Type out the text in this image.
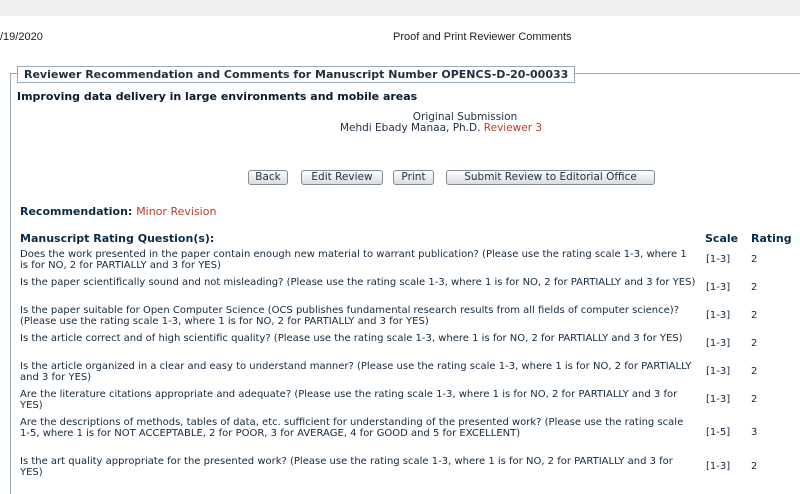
/19/2020	Proof and Print Reviewer Comments
Reviewer Recommendation and Comments for Manuscript Number OPENCS-D-20-00033
Improving data delivery in large environments and mobile areas
Original Submission
Mehdi Ebady Manaa, Ph.D. Reviewer 3
Back	Edit Review	Print	Submit Review to Editorial Office
Recommendation: Minor Revision
Manuscript Rating Question(s):	Scale Rating
Does the work presented in the paper contain enough new material to warrant publication? (Please use the rating scale 1-3, where 1 is for NO, 2 for PARTIALLY and 3 for YES)
[1-3] 2
Is the paper scientifically sound and not misleading? (Please use the rating scale 1-3, where 1 is for NO, 2 for PARTIALLY and 3 for YES) [1-3] 2
Is the paper suitable for Open Computer Science (OCS publishes fundamental research results from all fields of computer science)? (Please use the rating scale 1-3, where 1 is for NO, 2 for PARTIALLY and 3 for YES)
[1-3] 2
Is the article correct and of high scientific quality? (Please use the rating scale 1-3, where 1 is for NO, 2 for PARTIALLY and 3 for YES)	[1-3] 2
Is the article organized in a clear and easy to understand manner? (Please use the rating scale 1-3, where 1 is for NO, 2 for PARTIALLY and 3 for YES)
[1-3] 2
Are the literature citations appropriate and adequate? (Please use the rating scale 1-3, where 1 is for NO, 2 for PARTIALLY and 3 for YES)
[1-3] 2
Are the descriptions of methods, tables of data, etc. sufficient for understanding of the presented work? (Please use the rating scale 1-5, where 1 is for NOT ACCEPTABLE, 2 for POOR, 3 for AVERAGE, 4 for GOOD and 5 for EXCELLENT)	[1-5] 3
Is the art quality appropriate for the presented work? (Please use the rating scale 1-3, where 1 is for NO, 2 for PARTIALLY and 3 for YES)
[1-3] 2
